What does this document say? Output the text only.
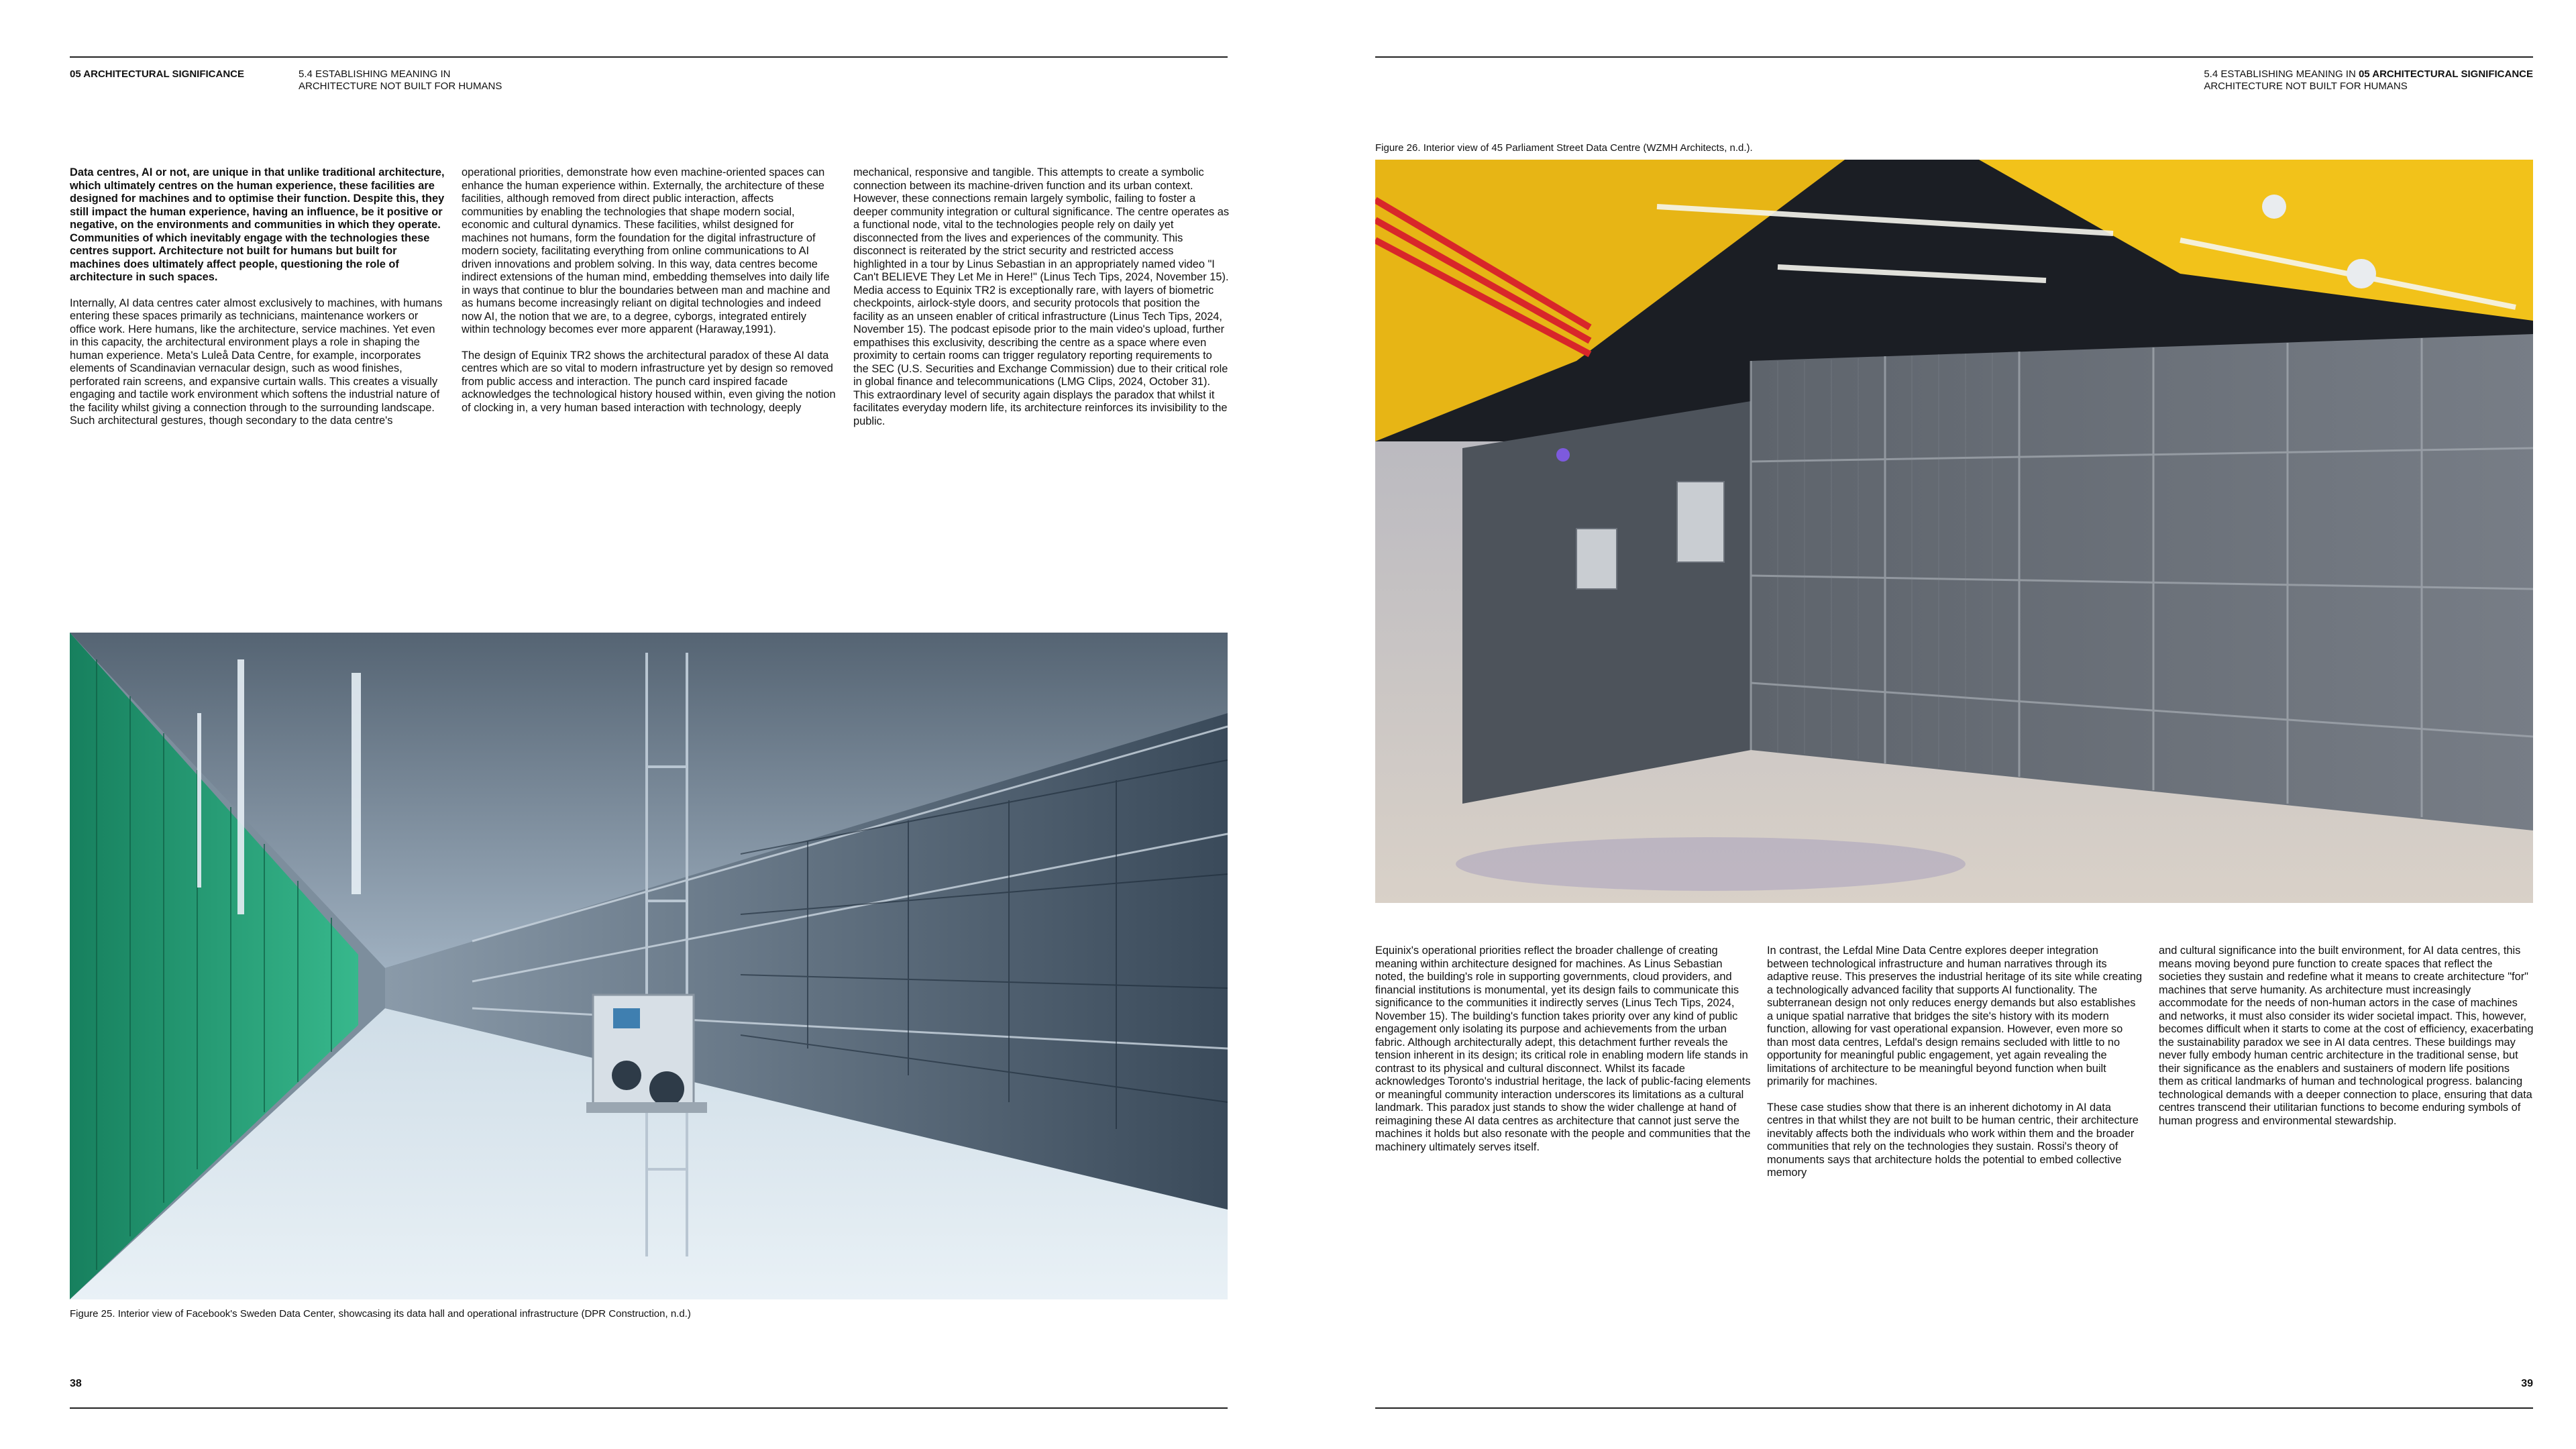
05 ARCHITECTURAL SIGNIFICANCE	5.4 ESTABLISHING MEANING IN
ARCHITECTURE NOT BUILT FOR HUMANS

Data centres, AI or not, are unique in that unlike traditional architecture, which ultimately centres on the human experience, these facilities are designed for machines and to optimise their function. Despite this, they still impact the human experience, having an influence, be it positive or negative, on the environments and communities in which they operate. Communities of which inevitably engage with the technologies these centres support. Architecture not built for humans but built for machines does ultimately affect people, questioning the role of architecture in such spaces.

Internally, AI data centres cater almost exclusively to machines, with humans entering these spaces primarily as technicians, maintenance workers or office work. Here humans, like the architecture, service machines. Yet even in this capacity, the architectural environment plays a role in shaping the human experience. Meta's Luleå Data Centre, for example, incorporates elements of Scandinavian vernacular design, such as wood finishes, perforated rain screens, and expansive curtain walls. This creates a visually engaging and tactile work environment which softens the industrial nature of the facility whilst giving a connection through to the surrounding landscape. Such architectural gestures, though secondary to the data centre's

operational priorities, demonstrate how even machine-oriented spaces can enhance the human experience within. Externally, the architecture of these facilities, although removed from direct public interaction, affects communities by enabling the technologies that shape modern social, economic and cultural dynamics. These facilities, whilst designed for machines not humans, form the foundation for the digital infrastructure of modern society, facilitating everything from online communications to AI driven innovations and problem solving. In this way, data centres become indirect extensions of the human mind, embedding themselves into daily life in ways that continue to blur the boundaries between man and machine and as humans become increasingly reliant on digital technologies and indeed now AI, the notion that we are, to a degree, cyborgs, integrated entirely within technology becomes ever more apparent (Haraway,1991).

The design of Equinix TR2 shows the architectural paradox of these AI data centres which are so vital to modern infrastructure yet by design so removed from public access and interaction. The punch card inspired facade acknowledges the technological history housed within, even giving the notion of clocking in, a very human based interaction with technology, deeply

mechanical, responsive and tangible. This attempts to create a symbolic connection between its machine-driven function and its urban context. However, these connections remain largely symbolic, failing to foster a deeper community integration or cultural significance. The centre operates as a functional node, vital to the technologies people rely on daily yet disconnected from the lives and experiences of the community. This disconnect is reiterated by the strict security and restricted access highlighted in a tour by Linus Sebastian in an appropriately named video "I Can't BELIEVE They Let Me in Here!" (Linus Tech Tips, 2024, November 15). Media access to Equinix TR2 is exceptionally rare, with layers of biometric checkpoints, airlock-style doors, and security protocols that position the facility as an unseen enabler of critical infrastructure (Linus Tech Tips, 2024, November 15). The podcast episode prior to the main video's upload, further empathises this exclusivity, describing the centre as a space where even proximity to certain rooms can trigger regulatory reporting requirements to the SEC (U.S. Securities and Exchange Commission) due to their critical role in global finance and telecommunications (LMG Clips, 2024, October 31). This extraordinary level of security again displays the paradox that whilst it facilitates everyday modern life, its architecture reinforces its invisibility to the public.

Figure 25. Interior view of Facebook's Sweden Data Center, showcasing its data hall and operational infrastructure (DPR Construction, n.d.)
38
5.4 ESTABLISHING MEANING IN 05 ARCHITECTURAL SIGNIFICANCE
ARCHITECTURE NOT BUILT FOR HUMANS
Figure 26. Interior view of 45 Parliament Street Data Centre (WZMH Architects, n.d.).

Equinix's operational priorities reflect the broader challenge of creating meaning within architecture designed for machines. As Linus Sebastian noted, the building's role in supporting governments, cloud providers, and financial institutions is monumental, yet its design fails to communicate this significance to the communities it indirectly serves (Linus Tech Tips, 2024, November 15). The building's function takes priority over any kind of public engagement only isolating its purpose and achievements from the urban fabric. Although architecturally adept, this detachment further reveals the tension inherent in its design; its critical role in enabling modern life stands in contrast to its physical and cultural disconnect. Whilst its facade acknowledges Toronto's industrial heritage, the lack of public-facing elements or meaningful community interaction underscores its limitations as a cultural landmark. This paradox just stands to show the wider challenge at hand of reimagining these AI data centres as architecture that cannot just serve the machines it holds but also resonate with the people and communities that the machinery ultimately serves itself.

In contrast, the Lefdal Mine Data Centre explores deeper integration between technological infrastructure and human narratives through its adaptive reuse. This preserves the industrial heritage of its site while creating a technologically advanced facility that supports AI functionality. The subterranean design not only reduces energy demands but also establishes a unique spatial narrative that bridges the site's history with its modern function, allowing for vast operational expansion. However, even more so than most data centres, Lefdal's design remains secluded with little to no opportunity for meaningful public engagement, yet again revealing the limitations of architecture to be meaningful beyond function when built primarily for machines.

These case studies show that there is an inherent dichotomy in AI data centres in that whilst they are not built to be human centric, their architecture inevitably affects both the individuals who work within them and the broader communities that rely on the technologies they sustain. Rossi's theory of monuments says that architecture holds the potential to embed collective memory

and cultural significance into the built environment, for AI data centres, this means moving beyond pure function to create spaces that reflect the societies they sustain and redefine what it means to create architecture "for" machines that serve humanity. As architecture must increasingly accommodate for the needs of non-human actors in the case of machines and networks, it must also consider its wider societal impact. This, however, becomes difficult when it starts to come at the cost of efficiency, exacerbating the sustainability paradox we see in AI data centres. These buildings may never fully embody human centric architecture in the traditional sense, but their significance as the enablers and sustainers of modern life positions them as critical landmarks of human and technological progress. balancing technological demands with a deeper connection to place, ensuring that data centres transcend their utilitarian functions to become enduring symbols of human progress and environmental stewardship.

39
